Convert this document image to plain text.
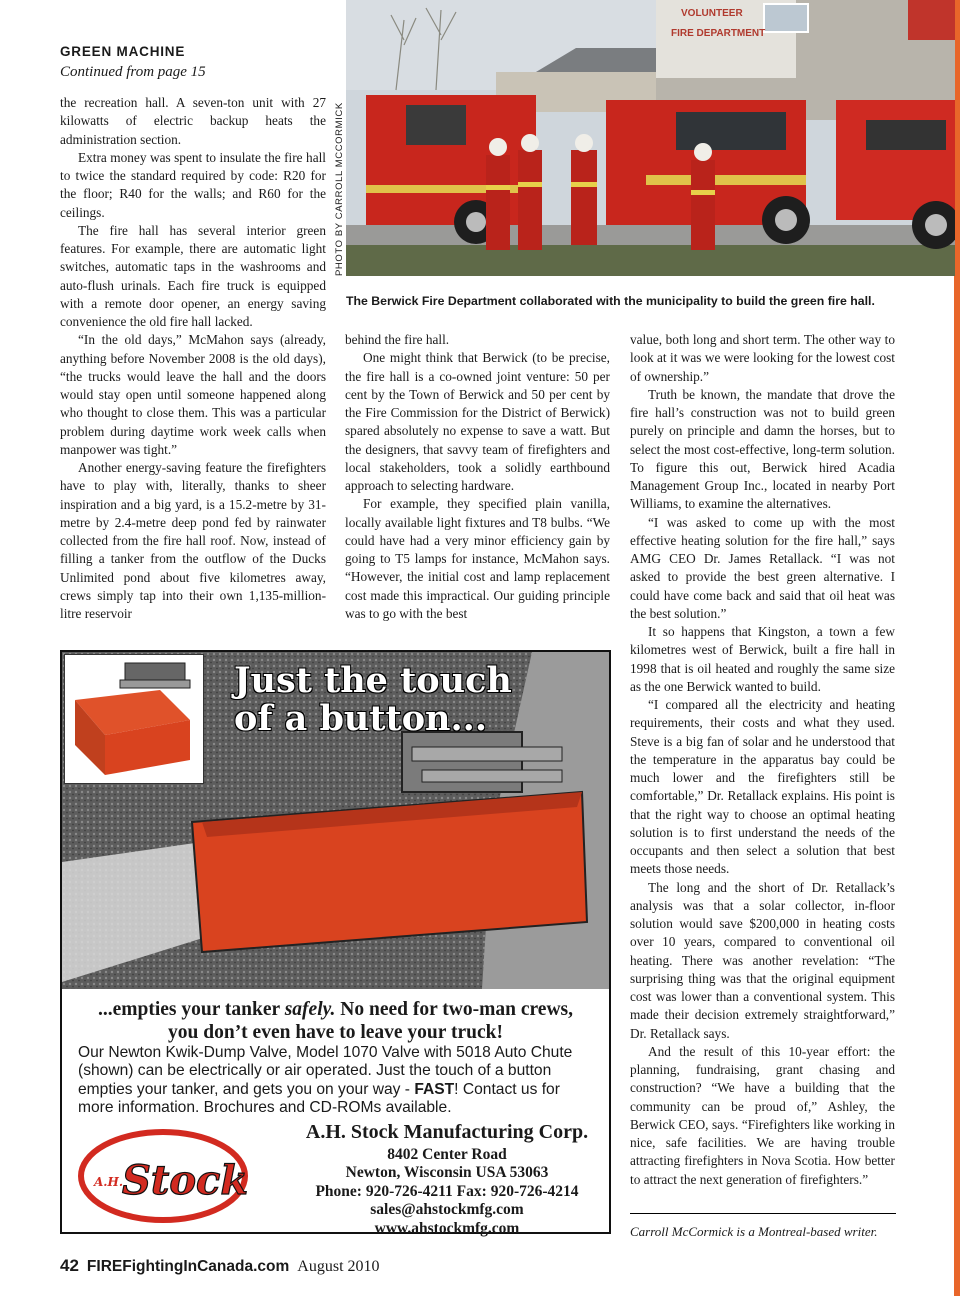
GREEN MACHINE
Continued from page 15
VOLUNTEER
FIRE DEPARTMENT
PHOTO BY CARROLL MCCORMICK
The Berwick Fire Department collaborated with the municipality to build the green fire hall.

the recreation hall. A seven-ton unit with 27 kilowatts of electric backup heats the administration section.

Extra money was spent to insulate the fire hall to twice the standard required by code: R20 for the floor; R40 for the walls; and R60 for the ceilings.

The fire hall has several interior green features. For example, there are automatic light switches, automatic taps in the washrooms and auto-flush urinals. Each fire truck is equipped with a remote door opener, an energy saving convenience the old fire hall lacked.

“In the old days,” McMahon says (already, anything before November 2008 is the old days), “the trucks would leave the hall and the doors would stay open until someone happened along who thought to close them. This was a particular problem during daytime work week calls when manpower was tight.”

Another energy-saving feature the firefighters have to play with, literally, thanks to sheer inspiration and a big yard, is a 15.2-metre by 31-metre by 2.4-metre deep pond fed by rainwater collected from the fire hall roof. Now, instead of filling a tanker from the outflow of the Ducks Unlimited pond about five kilometres away, crews simply tap into their own 1,135-million-litre reservoir

behind the fire hall.

One might think that Berwick (to be precise, the fire hall is a co-owned joint venture: 50 per cent by the Town of Berwick and 50 per cent by the Fire Commission for the District of Berwick) spared absolutely no expense to save a watt. But the designers, that savvy team of firefighters and local stakeholders, took a solidly earthbound approach to selecting hardware.

For example, they specified plain vanilla, locally available light fixtures and T8 bulbs. “We could have had a very minor efficiency gain by going to T5 lamps for instance, McMahon says. “However, the initial cost and lamp replacement cost made this impractical. Our guiding principle was to go with the best

value, both long and short term. The other way to look at it was we were looking for the lowest cost of ownership.”

Truth be known, the mandate that drove the fire hall’s construction was not to build green purely on principle and damn the horses, but to select the most cost-effective, long-term solution. To figure this out, Berwick hired Acadia Management Group Inc., located in nearby Port Williams, to examine the alternatives.

“I was asked to come up with the most effective heating solution for the fire hall,” says AMG CEO Dr. James Retallack. “I was not asked to provide the best green alternative. I could have come back and said that oil heat was the best solution.”

It so happens that Kingston, a town a few kilometres west of Berwick, built a fire hall in 1998 that is oil heated and roughly the same size as the one Berwick wanted to build.

“I compared all the electricity and heating requirements, their costs and what they used. Steve is a big fan of solar and he understood that the temperature in the apparatus bay could be much lower and the firefighters still be comfortable,” Dr. Retallack explains. His point is that the right way to choose an optimal heating solution is to first understand the needs of the occupants and then select a solution that best meets those needs.

The long and the short of Dr. Retallack’s analysis was that a solar collector, in-floor solution would save $200,000 in heating costs over 10 years, compared to conventional oil heating. There was another revelation: “The surprising thing was that the original equipment cost was lower than a conventional system. This made their decision extremely straightforward,” Dr. Retallack says.

And the result of this 10-year effort: the planning, fundraising, grant chasing and construction? “We have a building that the community can be proud of,” Ashley, the Berwick CEO, says. “Firefighters like working in nice, safe facilities. We are having trouble attracting firefighters in Nova Scotia. How better to attract the next generation of firefighters.”

Carroll McCormick is a Montreal-based writer.
Just the touch
of a button...
...empties your tanker safely. No need for two-man crews,
you don’t even have to leave your truck!
Our Newton Kwik-Dump Valve, Model 1070 Valve with 5018 Auto Chute (shown) can be electrically or air operated. Just the touch of a button empties your tanker, and gets you on your way - FAST! Contact us for more information. Brochures and CD-ROMs available.
A.H.
Stock
A.H. Stock Manufacturing Corp.
8402 Center Road
Newton, Wisconsin USA 53063
Phone: 920-726-4211 Fax: 920-726-4214
sales@ahstockmfg.com
www.ahstockmfg.com
42 FIREFightingInCanada.com August 2010
